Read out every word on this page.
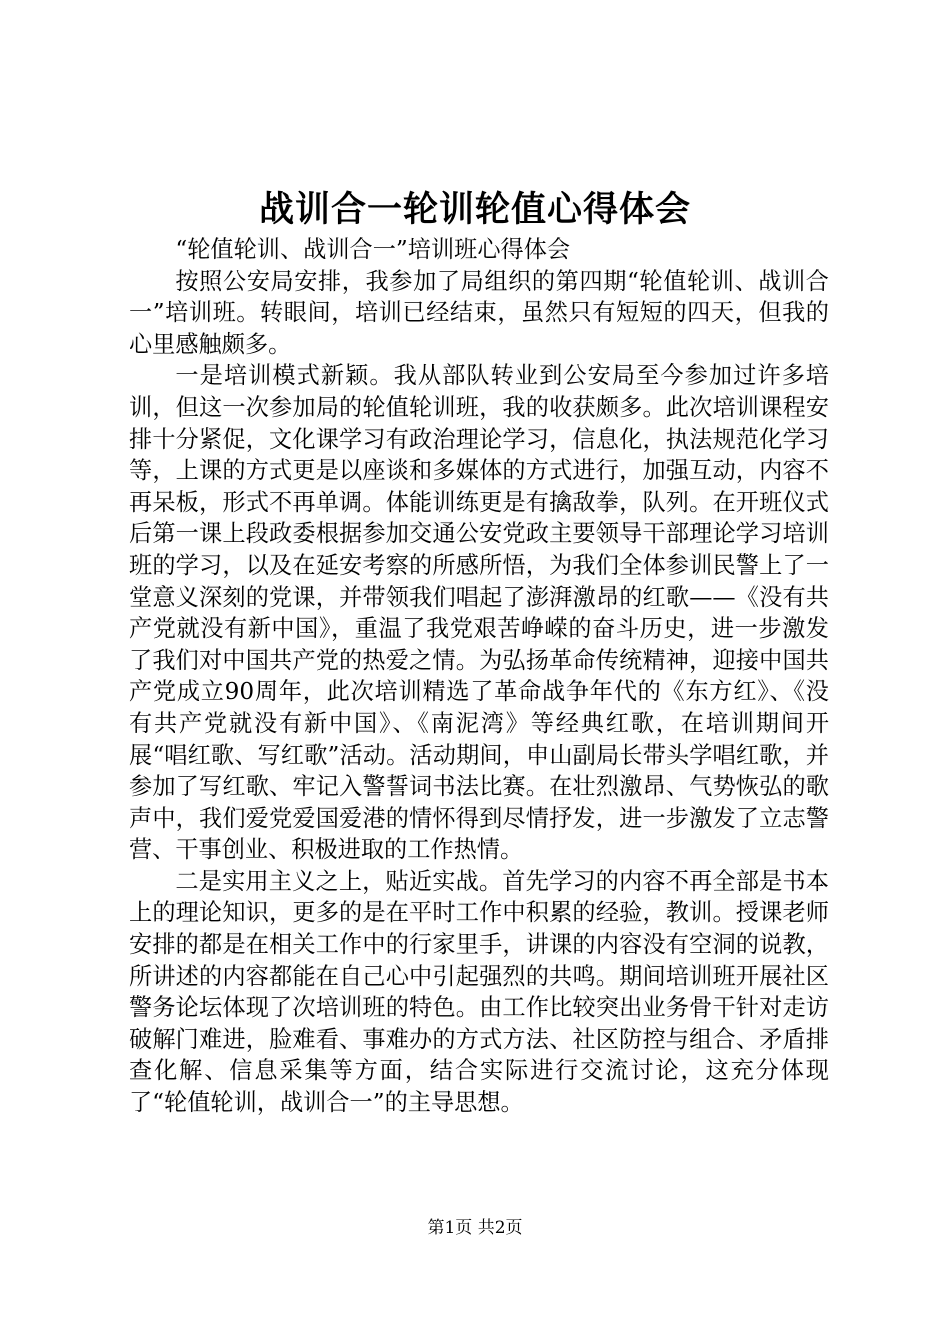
战训合一轮训轮值心得体会

“轮值轮训、战训合一”培训班心得体会

按照公安局安排，我参加了局组织的第四期“轮值轮训、战训合一”培训班。转眼间，培训已经结束，虽然只有短短的四天，但我的心里感触颇多。

一是培训模式新颖。我从部队转业到公安局至今参加过许多培训，但这一次参加局的轮值轮训班，我的收获颇多。此次培训课程安排十分紧促，文化课学习有政治理论学习，信息化，执法规范化学习等，上课的方式更是以座谈和多媒体的方式进行，加强互动，内容不再呆板，形式不再单调。体能训练更是有擒敌拳，队列。在开班仪式后第一课上段政委根据参加交通公安党政主要领导干部理论学习培训班的学习，以及在延安考察的所感所悟，为我们全体参训民警上了一堂意义深刻的党课，并带领我们唱起了澎湃激昂的红歌——《没有共产党就没有新中国》，重温了我党艰苦峥嵘的奋斗历史，进一步激发了我们对中国共产党的热爱之情。为弘扬革命传统精神，迎接中国共产党成立90周年，此次培训精选了革命战争年代的《东方红》、《没有共产党就没有新中国》、《南泥湾》等经典红歌，在培训期间开展“唱红歌、写红歌”活动。活动期间，申山副局长带头学唱红歌，并参加了写红歌、牢记入警誓词书法比赛。在壮烈激昂、气势恢弘的歌声中，我们爱党爱国爱港的情怀得到尽情抒发，进一步激发了立志警营、干事创业、积极进取的工作热情。

二是实用主义之上，贴近实战。首先学习的内容不再全部是书本上的理论知识，更多的是在平时工作中积累的经验，教训。授课老师安排的都是在相关工作中的行家里手，讲课的内容没有空洞的说教，所讲述的内容都能在自己心中引起强烈的共鸣。期间培训班开展社区警务论坛体现了次培训班的特色。由工作比较突出业务骨干针对走访破解门难进，脸难看、事难办的方式方法、社区防控与组合、矛盾排查化解、信息采集等方面，结合实际进行交流讨论，这充分体现了“轮值轮训，战训合一”的主导思想。

第1页 共2页
